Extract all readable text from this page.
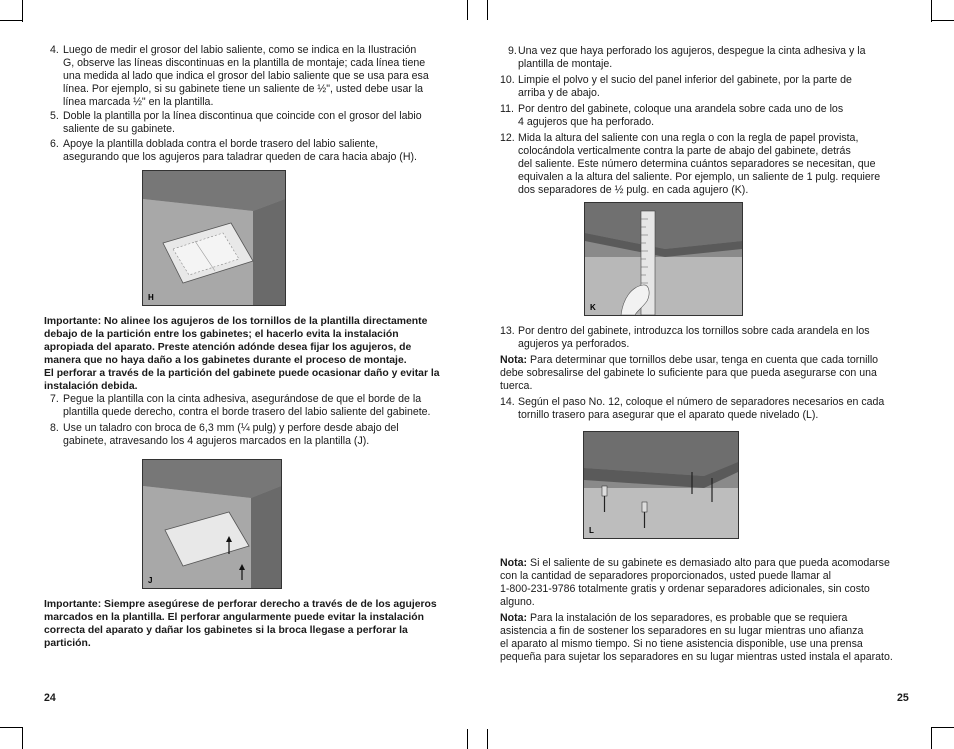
4. Luego de medir el grosor del labio saliente, como se indica en la Ilustración
G, observe las líneas discontinuas en la plantilla de montaje; cada línea tiene
una medida al lado que indica el grosor del labio saliente que se usa para esa
línea. Por ejemplo, si su gabinete tiene un saliente de ½", usted debe usar la
línea marcada ½" en la plantilla.
5. Doble la plantilla por la línea discontinua que coincide con el grosor del labio
saliente de su gabinete.
6. Apoye la plantilla doblada contra el borde trasero del labio saliente,
asegurando que los agujeros para taladrar queden de cara hacia abajo (H).
H
Importante: No alinee los agujeros de los tornillos de la plantilla directamente
debajo de la partición entre los gabinetes; el hacerlo evita la instalación
apropiada del aparato. Preste atención adónde desea fijar los agujeros, de
manera que no haya daño a los gabinetes durante el proceso de montaje.
El perforar a través de la partición del gabinete puede ocasionar daño y evitar la
instalación debida.
7. Pegue la plantilla con la cinta adhesiva, asegurándose de que el borde de la
plantilla quede derecho, contra el borde trasero del labio saliente del gabinete.
8. Use un taladro con broca de 6,3 mm (¼ pulg) y perfore desde abajo del
gabinete, atravesando los 4 agujeros marcados en la plantilla (J).
J
Importante: Siempre asegúrese de perforar derecho a través de de los agujeros
marcados en la plantilla. El perforar angularmente puede evitar la instalación
correcta del aparato y dañar los gabinetes si la broca llegase a perforar la
partición.
24
9. Una vez que haya perforado los agujeros, despegue la cinta adhesiva y la
plantilla de montaje.
10. Limpie el polvo y el sucio del panel inferior del gabinete, por la parte de
arriba y de abajo.
11. Por dentro del gabinete, coloque una arandela sobre cada uno de los
4 agujeros que ha perforado.
12. Mida la altura del saliente con una regla o con la regla de papel provista,
colocándola verticalmente contra la parte de abajo del gabinete, detrás
del saliente. Este número determina cuántos separadores se necesitan, que
equivalen a la altura del saliente. Por ejemplo, un saliente de 1 pulg. requiere
dos separadores de ½ pulg. en cada agujero (K).
K
13. Por dentro del gabinete, introduzca los tornillos sobre cada arandela en los
agujeros ya perforados.
Nota: Para determinar que tornillos debe usar, tenga en cuenta que cada tornillo
debe sobresalirse del gabinete lo suficiente para que pueda asegurarse con una
tuerca.
14. Según el paso No. 12, coloque el número de separadores necesarios en cada
tornillo trasero para asegurar que el aparato quede nivelado (L).
L
Nota: Si el saliente de su gabinete es demasiado alto para que pueda acomodarse
con la cantidad de separadores proporcionados, usted puede llamar al
1-800-231-9786 totalmente gratis y ordenar separadores adicionales, sin costo
alguno.
Nota: Para la instalación de los separadores, es probable que se requiera
asistencia a fin de sostener los separadores en su lugar mientras uno afianza
el aparato al mismo tiempo. Si no tiene asistencia disponible, use una prensa
pequeña para sujetar los separadores en su lugar mientras usted instala el aparato.
25
